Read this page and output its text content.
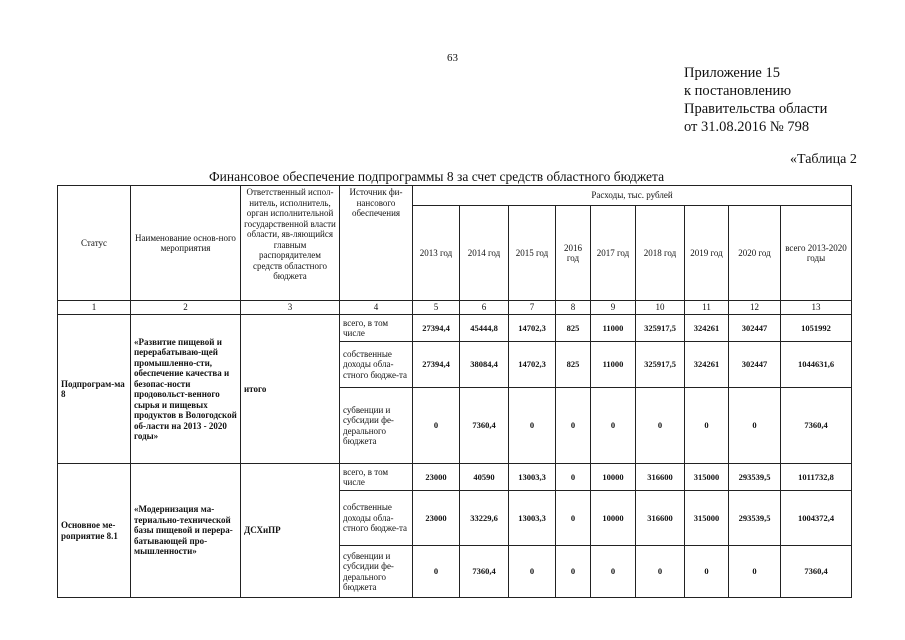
63
Приложение 15
к постановлению
Правительства области
от 31.08.2016 № 798
«Таблица 2
Финансовое обеспечение подпрограммы 8 за счет средств областного бюджета
Статус	Наименование основ-ного мероприятия	Ответственный испол-нитель, исполнитель, орган исполнительной государственной власти области, яв-ляющийся главным распорядителем средств областного бюджета	Источник фи-нансового обеспечения	Расходы, тыс. рублей								
				2013 год	2014 год	2015 год	2016 год	2017 год	2018 год	2019 год	2020 год	всего 2013-2020 годы
1	2	3	4	5	6	7	8	9	10	11	12	13
Подпрограм-ма 8	«Развитие пищевой и перерабатываю-щей промышленно-сти, обеспечение качества и безопас-ности продовольст-венного сырья и пищевых продуктов в Вологодской об-ласти на 2013 - 2020 годы»	итого	всего, в том числе	27394,4	45444,8	14702,3	825	11000	325917,5	324261	302447	1051992
			собственные доходы обла-стного бюдже-та	27394,4	38084,4	14702,3	825	11000	325917,5	324261	302447	1044631,6
			субвенции и субсидии фе-дерального бюджета	0	7360,4	0	0	0	0	0	0	7360,4
Основное ме-роприятие 8.1	«Модернизация ма-териально-технической базы пищевой и перера-батывающей про-мышленности»	ДСХиПР	всего, в том числе	23000	40590	13003,3	0	10000	316600	315000	293539,5	1011732,8
			собственные доходы обла-стного бюдже-та	23000	33229,6	13003,3	0	10000	316600	315000	293539,5	1004372,4
			субвенции и субсидии фе-дерального бюджета	0	7360,4	0	0	0	0	0	0	7360,4
